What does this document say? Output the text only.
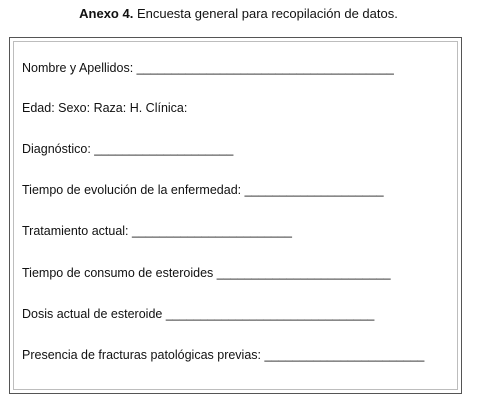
Anexo 4. Encuesta general para recopilación de datos.
Nombre y Apellidos: _____________________________________
Edad: Sexo: Raza: H. Clínica:
Diagnóstico: ____________________
Tiempo de evolución de la enfermedad: ____________________
Tratamiento actual: _______________________
Tiempo de consumo de esteroides _________________________
Dosis actual de esteroide ______________________________
Presencia de fracturas patológicas previas: _______________________
